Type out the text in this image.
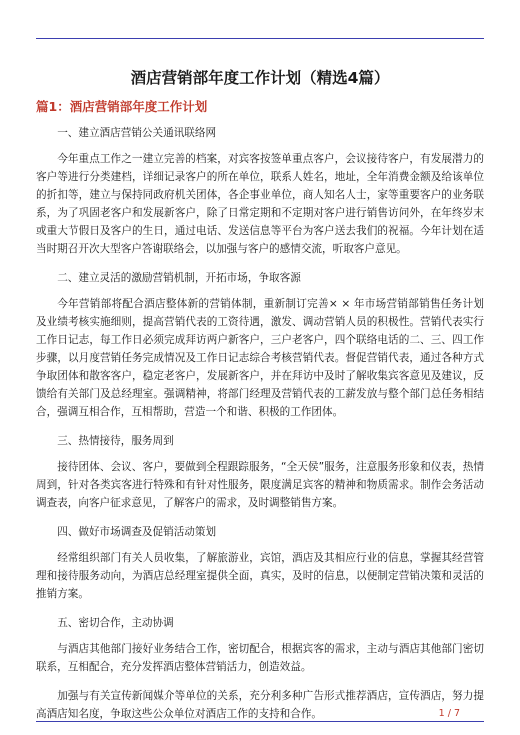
酒店营销部年度工作计划（精选4篇）
篇1：酒店营销部年度工作计划

一、建立酒店营销公关通讯联络网

今年重点工作之一建立完善的档案，对宾客按签单重点客户，会议接待客户，有发展潜力的客户等进行分类建档，详细记录客户的所在单位，联系人姓名，地址，全年消费金额及给该单位的折扣等，建立与保持同政府机关团体，各企事业单位，商人知名人士，家等重要客户的业务联系，为了巩固老客户和发展新客户，除了日常定期和不定期对客户进行销售访问外，在年终岁末或重大节假日及客户的生日，通过电话、发送信息等平台为客户送去我们的祝福。今年计划在适当时期召开次大型客户答谢联络会，以加强与客户的感情交流，听取客户意见。

二、建立灵活的激励营销机制，开拓市场，争取客源

今年营销部将配合酒店整体新的营销体制，重新制订完善× × 年市场营销部销售任务计划及业绩考核实施细则，提高营销代表的工资待遇，激发、调动营销人员的积极性。营销代表实行工作日记志，每工作日必须完成拜访两户新客户，三户老客户，四个联络电话的二、三、四工作步骤，以月度营销任务完成情况及工作日记志综合考核营销代表。督促营销代表，通过各种方式争取团体和散客客户，稳定老客户，发展新客户，并在拜访中及时了解收集宾客意见及建议，反馈给有关部门及总经理室。强调精神，将部门经理及营销代表的工薪发放与整个部门总任务相结合，强调互相合作，互相帮助，营造一个和谐、积极的工作团体。

三、热情接待，服务周到

接待团体、会议、客户，要做到全程跟踪服务，“全天侯”服务，注意服务形象和仪表，热情周到，针对各类宾客进行特殊和有针对性服务，限度满足宾客的精神和物质需求。制作会务活动调查表，向客户征求意见，了解客户的需求，及时调整销售方案。

四、做好市场调查及促销活动策划

经常组织部门有关人员收集，了解旅游业，宾馆，酒店及其相应行业的信息，掌握其经营管理和接待服务动向，为酒店总经理室提供全面，真实，及时的信息，以便制定营销决策和灵活的推销方案。

五、密切合作，主动协调

与酒店其他部门接好业务结合工作，密切配合，根据宾客的需求，主动与酒店其他部门密切联系，互相配合，充分发挥酒店整体营销活力，创造效益。

加强与有关宣传新闻媒介等单位的关系，充分利多种广告形式推荐酒店，宣传酒店，努力提高酒店知名度，争取这些公众单位对酒店工作的支持和合作。	1 / 7
